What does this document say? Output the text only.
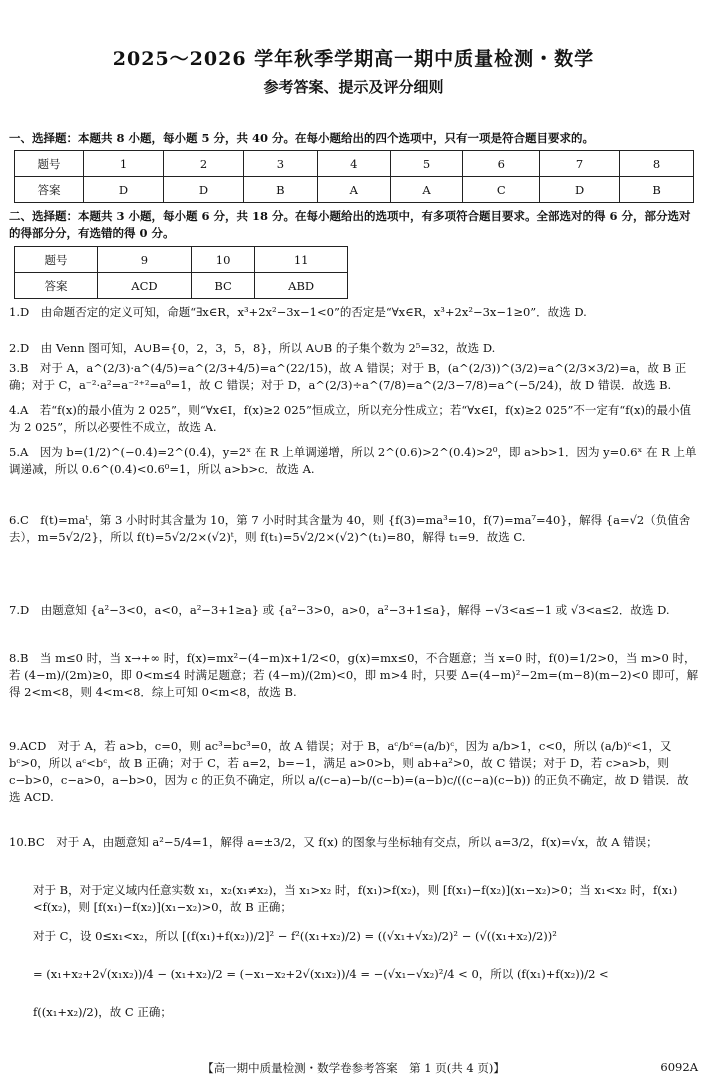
2025～2026 学年秋季学期高一期中质量检测・数学
参考答案、提示及评分细则
一、选择题：本题共 8 小题，每小题 5 分，共 40 分。在每小题给出的四个选项中，只有一项是符合题目要求的。
题号	1	2	3	4	5	6	7	8
答案	D	D	B	A	A	C	D	B
二、选择题：本题共 3 小题，每小题 6 分，共 18 分。在每小题给出的选项中，有多项符合题目要求。全部选对的得 6 分，部分选对的得部分分，有选错的得 0 分。
题号	9	10	11
答案	ACD	BC	ABD
1.D　由命题否定的定义可知，命题“∃x∈R，x³+2x²−3x−1<0”的否定是“∀x∈R，x³+2x²−3x−1≥0”．故选 D.
2.D　由 Venn 图可知，A∪B={0，2，3，5，8}，所以 A∪B 的子集个数为 2⁵=32，故选 D.
3.B　对于 A，a^(2/3)·a^(4/5)=a^(2/3+4/5)=a^(22/15)，故 A 错误；对于 B，(a^(2/3))^(3/2)=a^(2/3×3/2)=a，故 B 正确；对于 C，a⁻²·a²=a⁻²⁺²=a⁰=1，故 C 错误；对于 D，a^(2/3)÷a^(7/8)=a^(2/3−7/8)=a^(−5/24)，故 D 错误．故选 B.
4.A　若“f(x)的最小值为 2 025”，则“∀x∈I，f(x)≥2 025”恒成立，所以充分性成立；若“∀x∈I，f(x)≥2 025”不一定有“f(x)的最小值为 2 025”，所以必要性不成立，故选 A.
5.A　因为 b=(1/2)^(−0.4)=2^(0.4)，y=2ˣ 在 R 上单调递增，所以 2^(0.6)>2^(0.4)>2⁰，即 a>b>1．因为 y=0.6ˣ 在 R 上单调递减，所以 0.6^(0.4)<0.6⁰=1，所以 a>b>c．故选 A.
6.C　f(t)=maᵗ，第 3 小时时其含量为 10，第 7 小时时其含量为 40，则 {f(3)=ma³=10，f(7)=ma⁷=40}，解得 {a=√2（负值舍去），m=5√2/2}，所以 f(t)=5√2/2×(√2)ᵗ，则 f(t₁)=5√2/2×(√2)^(t₁)=80，解得 t₁=9．故选 C.
7.D　由题意知 {a²−3<0，a<0，a²−3+1≥a} 或 {a²−3>0，a>0，a²−3+1≤a}，解得 −√3<a≤−1 或 √3<a≤2．故选 D.
8.B　当 m≤0 时，当 x→+∞ 时，f(x)=mx²−(4−m)x+1/2<0，g(x)=mx≤0，不合题意；当 x=0 时，f(0)=1/2>0，当 m>0 时，若 (4−m)/(2m)≥0，即 0<m≤4 时满足题意；若 (4−m)/(2m)<0，即 m>4 时，只要 Δ=(4−m)²−2m=(m−8)(m−2)<0 即可，解得 2<m<8，则 4<m<8．综上可知 0<m<8，故选 B.
9.ACD　对于 A，若 a>b，c=0，则 ac³=bc³=0，故 A 错误；对于 B，aᶜ/bᶜ=(a/b)ᶜ，因为 a/b>1，c<0，所以 (a/b)ᶜ<1，又 bᶜ>0，所以 aᶜ<bᶜ，故 B 正确；对于 C，若 a=2，b=−1，满足 a>0>b，则 ab+a²>0，故 C 错误；对于 D，若 c>a>b，则 c−b>0，c−a>0，a−b>0，因为 c 的正负不确定，所以 a/(c−a)−b/(c−b)=(a−b)c/((c−a)(c−b)) 的正负不确定，故 D 错误．故选 ACD.
10.BC　对于 A，由题意知 a²−5/4=1，解得 a=±3/2，又 f(x) 的图象与坐标轴有交点，所以 a=3/2，f(x)=√x，故 A 错误；
对于 B，对于定义域内任意实数 x₁，x₂(x₁≠x₂)，当 x₁>x₂ 时，f(x₁)>f(x₂)，则 [f(x₁)−f(x₂)](x₁−x₂)>0；当 x₁<x₂ 时，f(x₁)<f(x₂)，则 [f(x₁)−f(x₂)](x₁−x₂)>0，故 B 正确；
对于 C，设 0≤x₁<x₂，所以 [(f(x₁)+f(x₂))/2]² − f²((x₁+x₂)/2) = ((√x₁+√x₂)/2)² − (√((x₁+x₂)/2))²
= (x₁+x₂+2√(x₁x₂))/4 − (x₁+x₂)/2 = (−x₁−x₂+2√(x₁x₂))/4 = −(√x₁−√x₂)²/4 < 0，所以 (f(x₁)+f(x₂))/2 <
f((x₁+x₂)/2)，故 C 正确；
【高一期中质量检测・数学卷参考答案　第 1 页(共 4 页)】	6092A
